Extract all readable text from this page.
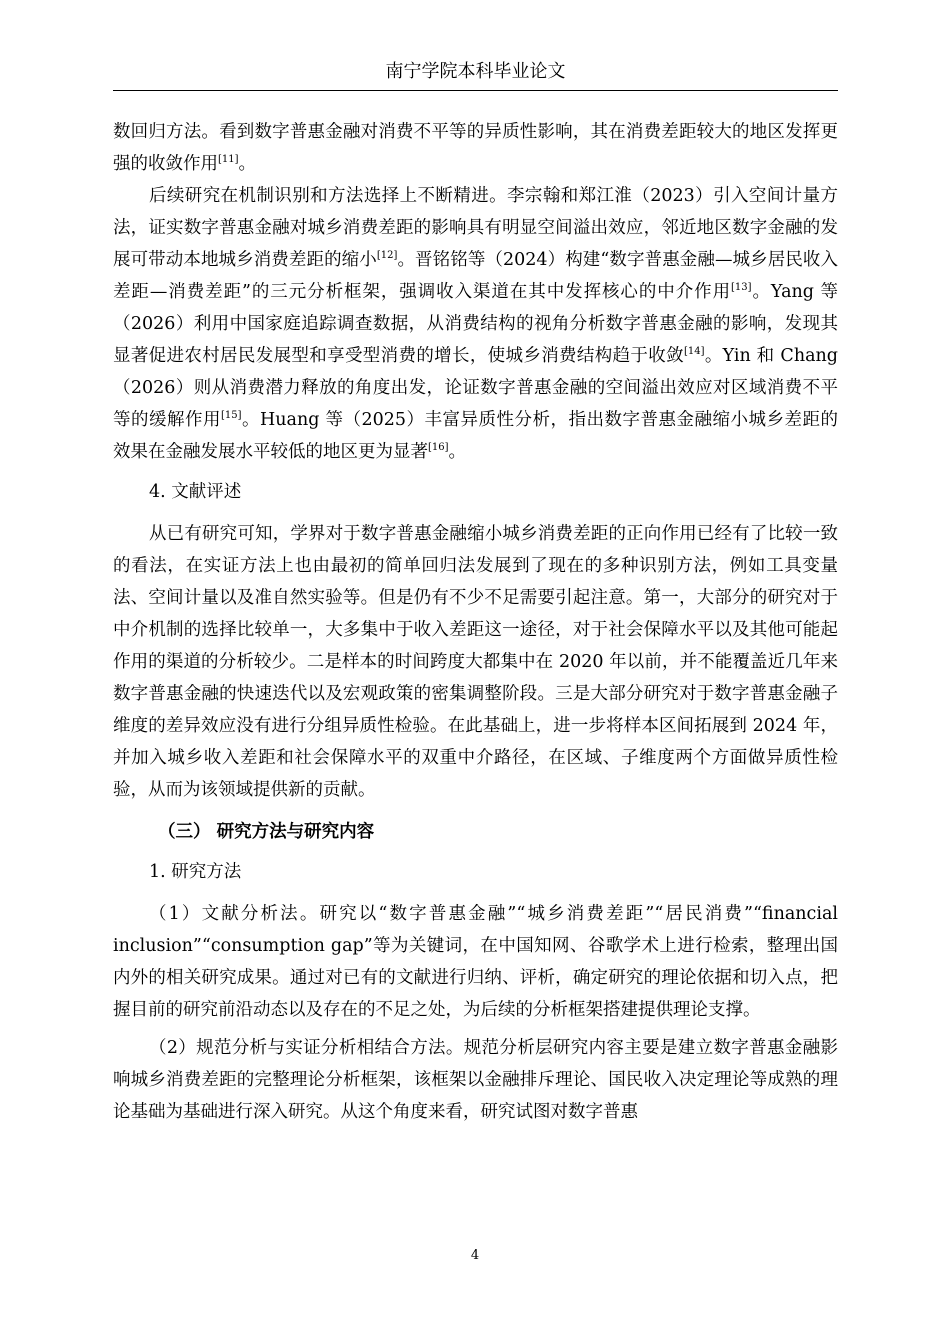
南宁学院本科毕业论文

数回归方法。看到数字普惠金融对消费不平等的异质性影响，其在消费差距较大的地区发挥更强的收敛作用[11]。

后续研究在机制识别和方法选择上不断精进。李宗翰和郑江淮（2023）引入空间计量方法，证实数字普惠金融对城乡消费差距的影响具有明显空间溢出效应，邻近地区数字金融的发展可带动本地城乡消费差距的缩小[12]。晋铭铭等（2024）构建“数字普惠金融—城乡居民收入差距—消费差距”的三元分析框架，强调收入渠道在其中发挥核心的中介作用[13]。Yang 等（2026）利用中国家庭追踪调查数据，从消费结构的视角分析数字普惠金融的影响，发现其显著促进农村居民发展型和享受型消费的增长，使城乡消费结构趋于收敛[14]。Yin 和 Chang（2026）则从消费潜力释放的角度出发，论证数字普惠金融的空间溢出效应对区域消费不平等的缓解作用[15]。Huang 等（2025）丰富异质性分析，指出数字普惠金融缩小城乡差距的效果在金融发展水平较低的地区更为显著[16]。

4. 文献评述

从已有研究可知，学界对于数字普惠金融缩小城乡消费差距的正向作用已经有了比较一致的看法，在实证方法上也由最初的简单回归法发展到了现在的多种识别方法，例如工具变量法、空间计量以及准自然实验等。但是仍有不少不足需要引起注意。第一，大部分的研究对于中介机制的选择比较单一，大多集中于收入差距这一途径，对于社会保障水平以及其他可能起作用的渠道的分析较少。二是样本的时间跨度大都集中在 2020 年以前，并不能覆盖近几年来数字普惠金融的快速迭代以及宏观政策的密集调整阶段。三是大部分研究对于数字普惠金融子维度的差异效应没有进行分组异质性检验。在此基础上，进一步将样本区间拓展到 2024 年，并加入城乡收入差距和社会保障水平的双重中介路径，在区域、子维度两个方面做异质性检验，从而为该领域提供新的贡献。

（三） 研究方法与研究内容
1. 研究方法

（1）文献分析法。研究以“数字普惠金融”“城乡消费差距”“居民消费”“financial inclusion”“consumption gap”等为关键词，在中国知网、谷歌学术上进行检索，整理出国内外的相关研究成果。通过对已有的文献进行归纳、评析，确定研究的理论依据和切入点，把握目前的研究前沿动态以及存在的不足之处，为后续的分析框架搭建提供理论支撑。

（2）规范分析与实证分析相结合方法。规范分析层研究内容主要是建立数字普惠金融影响城乡消费差距的完整理论分析框架，该框架以金融排斥理论、国民收入决定理论等成熟的理论基础为基础进行深入研究。从这个角度来看，研究试图对数字普惠

4
